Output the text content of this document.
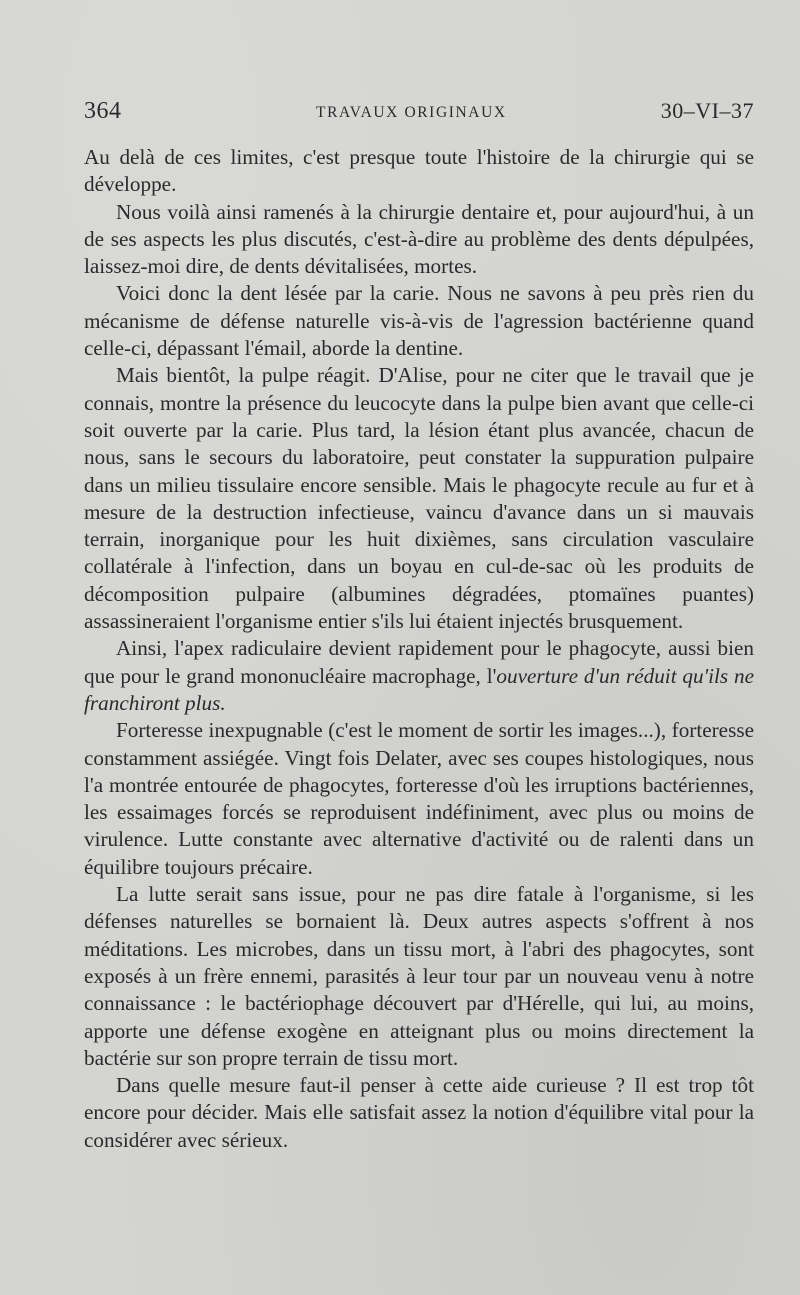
364	TRAVAUX ORIGINAUX	30–VI–37

Au delà de ces limites, c'est presque toute l'histoire de la chirurgie qui se développe.

Nous voilà ainsi ramenés à la chirurgie dentaire et, pour aujourd'hui, à un de ses aspects les plus discutés, c'est-à-dire au problème des dents dépulpées, laissez-moi dire, de dents dévitalisées, mortes.

Voici donc la dent lésée par la carie. Nous ne savons à peu près rien du mécanisme de défense naturelle vis-à-vis de l'agression bactérienne quand celle-ci, dépassant l'émail, aborde la dentine.

Mais bientôt, la pulpe réagit. D'Alise, pour ne citer que le travail que je connais, montre la présence du leucocyte dans la pulpe bien avant que celle-ci soit ouverte par la carie. Plus tard, la lésion étant plus avancée, chacun de nous, sans le secours du laboratoire, peut constater la suppuration pulpaire dans un milieu tissulaire encore sensible. Mais le phagocyte recule au fur et à mesure de la destruction infectieuse, vaincu d'avance dans un si mauvais terrain, inorganique pour les huit dixièmes, sans circulation vasculaire collatérale à l'infection, dans un boyau en cul-de-sac où les produits de décomposition pulpaire (albumines dégradées, ptomaïnes puantes) assassineraient l'organisme entier s'ils lui étaient injectés brusquement.

Ainsi, l'apex radiculaire devient rapidement pour le phagocyte, aussi bien que pour le grand mononucléaire macrophage, l'ouverture d'un réduit qu'ils ne franchiront plus.

Forteresse inexpugnable (c'est le moment de sortir les images...), forteresse constamment assiégée. Vingt fois Delater, avec ses coupes histologiques, nous l'a montrée entourée de phagocytes, forteresse d'où les irruptions bactériennes, les essaimages forcés se reproduisent indéfiniment, avec plus ou moins de virulence. Lutte constante avec alternative d'activité ou de ralenti dans un équilibre toujours précaire.

La lutte serait sans issue, pour ne pas dire fatale à l'organisme, si les défenses naturelles se bornaient là. Deux autres aspects s'offrent à nos méditations. Les microbes, dans un tissu mort, à l'abri des phagocytes, sont exposés à un frère ennemi, parasités à leur tour par un nouveau venu à notre connaissance : le bactériophage découvert par d'Hérelle, qui lui, au moins, apporte une défense exogène en atteignant plus ou moins directement la bactérie sur son propre terrain de tissu mort.

Dans quelle mesure faut-il penser à cette aide curieuse ? Il est trop tôt encore pour décider. Mais elle satisfait assez la notion d'équilibre vital pour la considérer avec sérieux.
